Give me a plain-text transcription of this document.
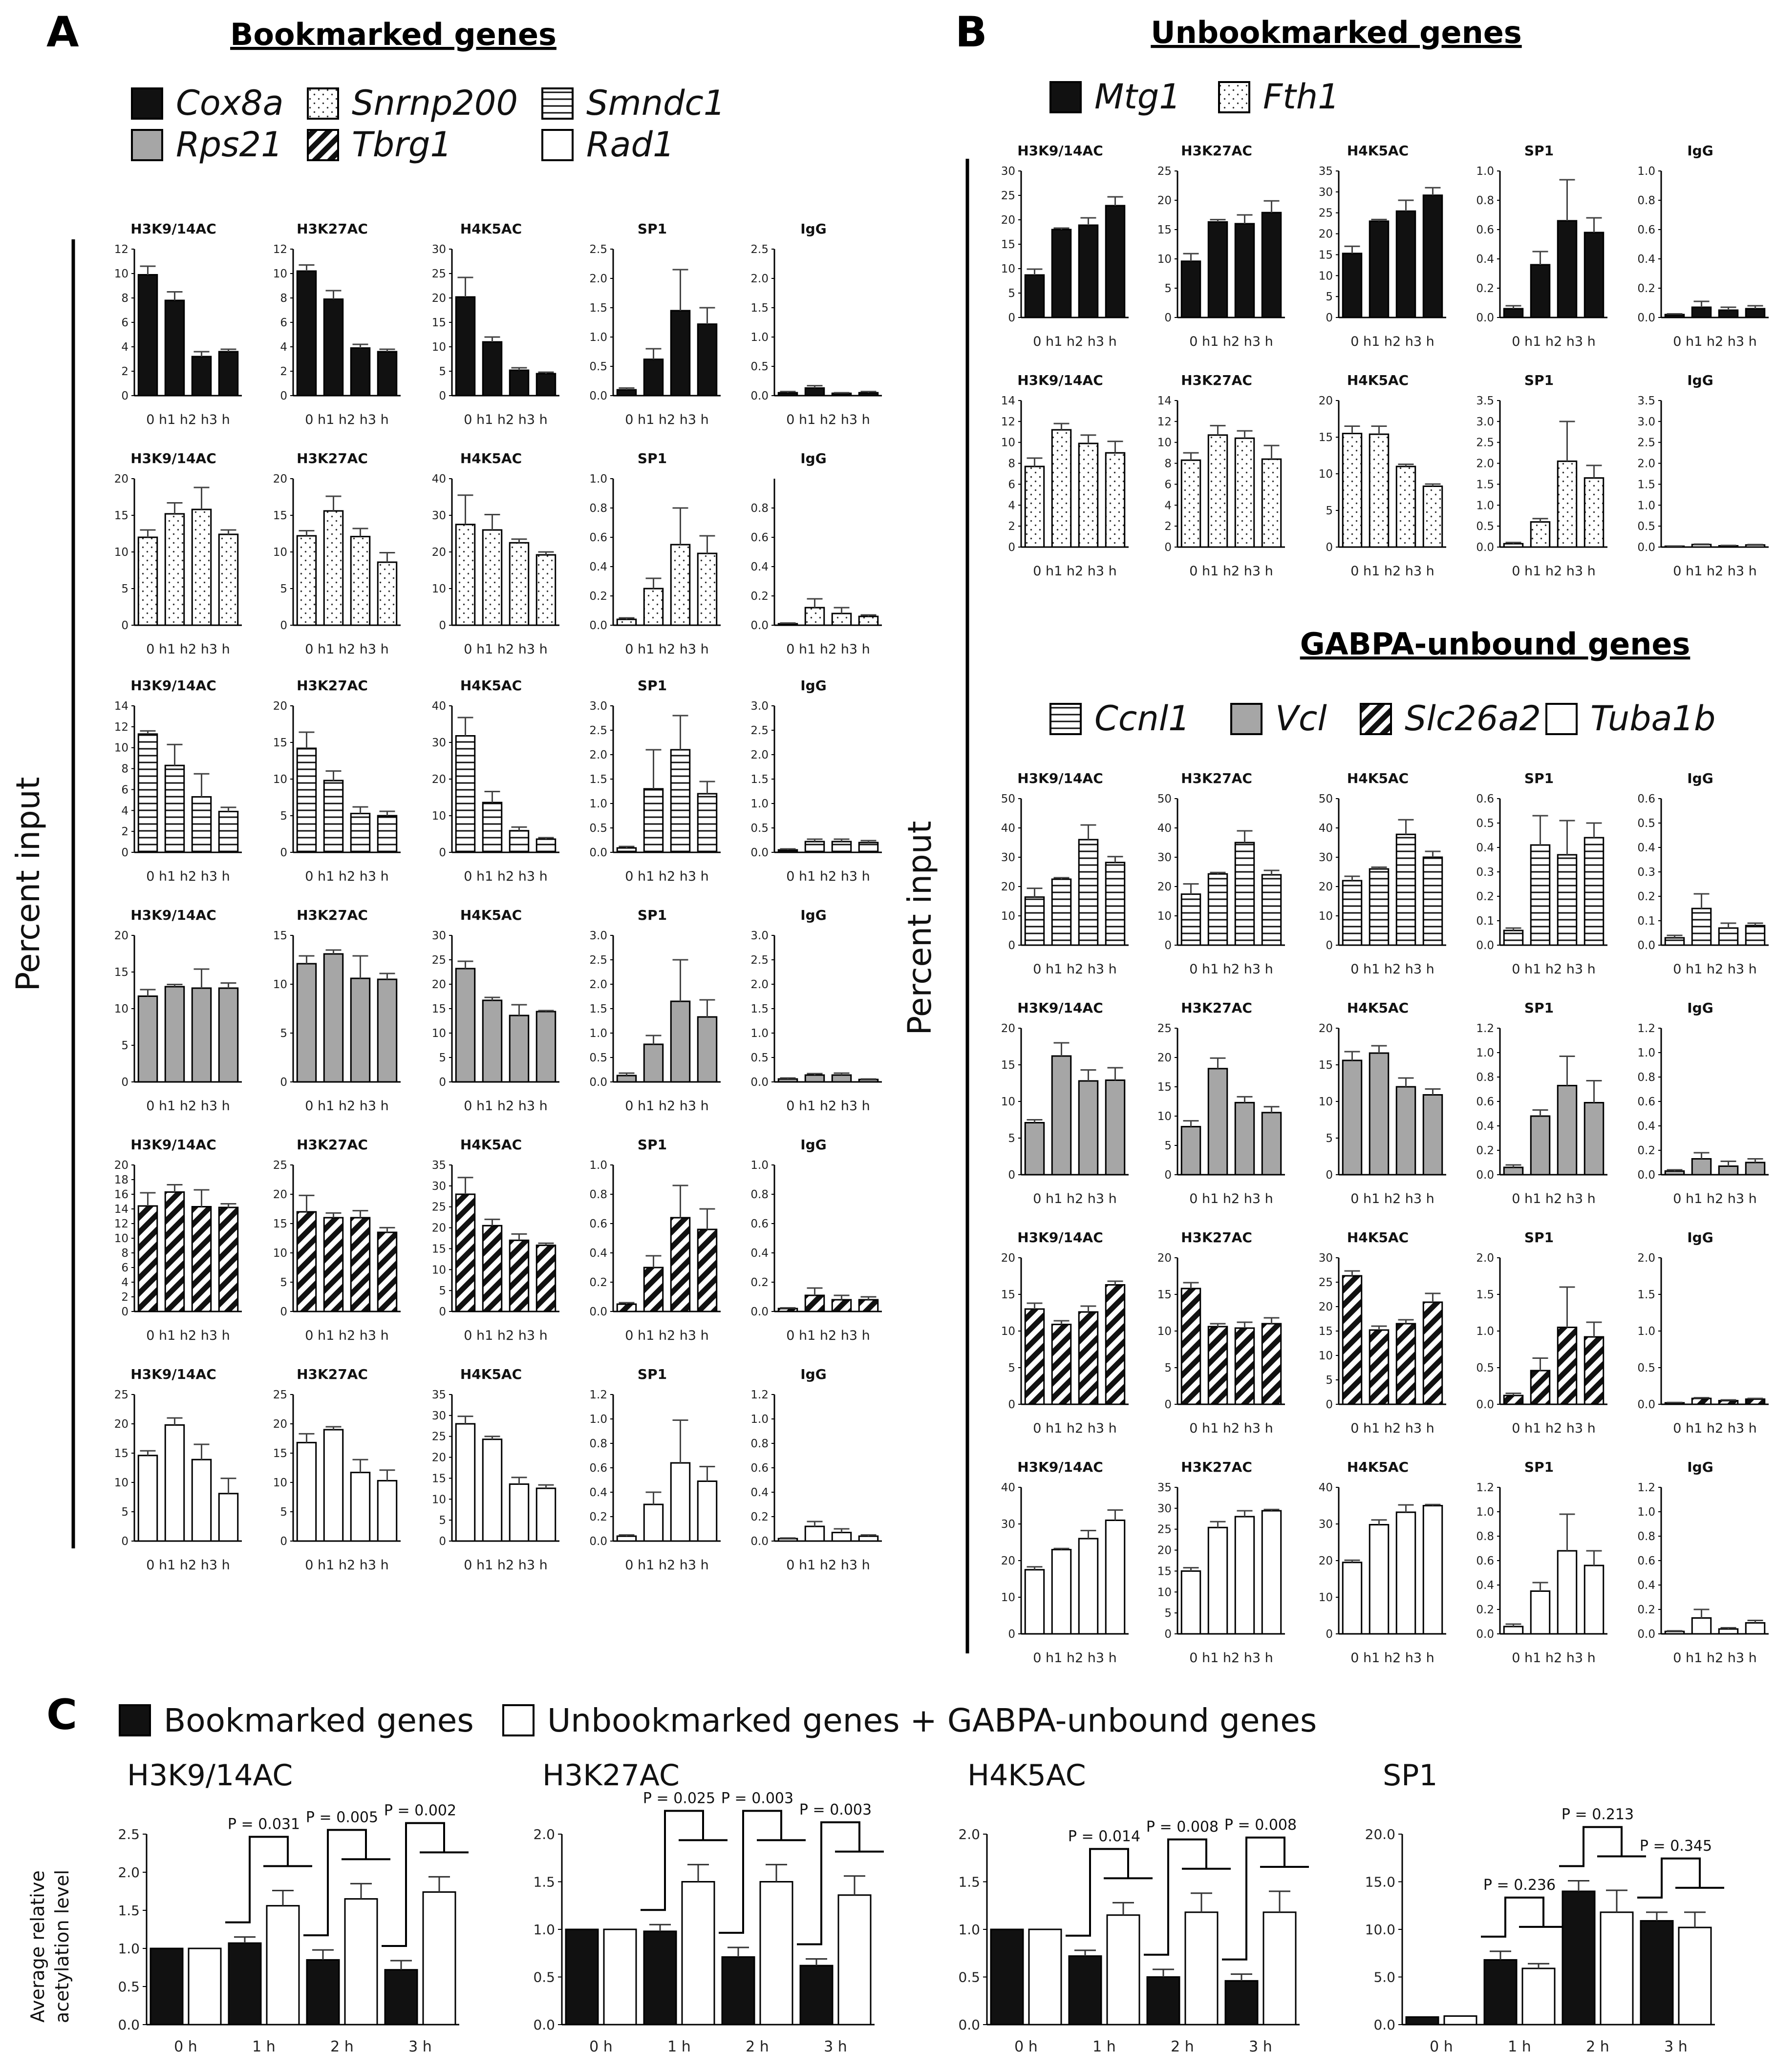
A	Bookmarked genes	B	Unbookmarked genes
GABPA-unbound genes
C
Percent input	Percent input
Average relative acetylation level
Cox8a Snrnp200 Smndc1
Rps21 Tbrg1	Rad1
Mtg1 Fth1
Ccnl1 Vcl Slc26a2 Tuba1b
Bookmarked genes Unbookmarked genes + GABPA-unbound genes
H3K9/14AC
0
2
4
6
8
10
12
0 h1 h2 h3 h
H3K27AC
0
2
4
6
8
10
12
0 h1 h2 h3 h
H4K5AC
0
5
10
15
20
25
30
0 h1 h2 h3 h
SP1
0.0
0.5
1.0
1.5
2.0
2.5
0 h1 h2 h3 h
IgG
0.0
0.5
1.0
1.5
2.0
2.5
0 h1 h2 h3 h
H3K9/14AC
0
5
10
15
20
0 h1 h2 h3 h
H3K27AC
0
5
10
15
20
0 h1 h2 h3 h
H4K5AC
0
10
20
30
40
0 h1 h2 h3 h
SP1
0.0
0.2
0.4
0.6
0.8
1.0
0 h1 h2 h3 h
IgG
0.0
0.2
0.4
0.6
0.8
0 h1 h2 h3 h
H3K9/14AC
0
2
4
6
8
10
12
14
0 h1 h2 h3 h
H3K27AC
0
5
10
15
20
0 h1 h2 h3 h
H4K5AC
0
10
20
30
40
0 h1 h2 h3 h
SP1
0.0
0.5
1.0
1.5
2.0
2.5
3.0
0 h1 h2 h3 h
IgG
0.0
0.5
1.0
1.5
2.0
2.5
3.0
0 h1 h2 h3 h
H3K9/14AC
0
5
10
15
20
0 h1 h2 h3 h
H3K27AC
0
5
10
15
0 h1 h2 h3 h
H4K5AC
0
5
10
15
20
25
30
0 h1 h2 h3 h
SP1
0.0
0.5
1.0
1.5
2.0
2.5
3.0
0 h1 h2 h3 h
IgG
0.0
0.5
1.0
1.5
2.0
2.5
3.0
0 h1 h2 h3 h
H3K9/14AC
0
2
4
6
8
10
12
14
16
18
20
0 h1 h2 h3 h
H3K27AC
0
5
10
15
20
25
0 h1 h2 h3 h
H4K5AC
0
5
10
15
20
25
30
35
0 h1 h2 h3 h
SP1
0.0
0.2
0.4
0.6
0.8
1.0
0 h1 h2 h3 h
IgG
0.0
0.2
0.4
0.6
0.8
1.0
0 h1 h2 h3 h
H3K9/14AC
0
5
10
15
20
25
0 h1 h2 h3 h
H3K27AC
0
5
10
15
20
25
0 h1 h2 h3 h
H4K5AC
0
5
10
15
20
25
30
35
0 h1 h2 h3 h
SP1
0.0
0.2
0.4
0.6
0.8
1.0
1.2
0 h1 h2 h3 h
IgG
0.0
0.2
0.4
0.6
0.8
1.0
1.2
0 h1 h2 h3 h
H3K9/14AC
0
5
10
15
20
25
30
0 h1 h2 h3 h
H3K27AC
0
5
10
15
20
25
0 h1 h2 h3 h
H4K5AC
0
5
10
15
20
25
30
35
0 h1 h2 h3 h
SP1
0.0
0.2
0.4
0.6
0.8
1.0
0 h1 h2 h3 h
IgG
0.0
0.2
0.4
0.6
0.8
1.0
0 h1 h2 h3 h
H3K9/14AC
0
2
4
6
8
10
12
14
0 h1 h2 h3 h
H3K27AC
0
2
4
6
8
10
12
14
0 h1 h2 h3 h
H4K5AC
0
5
10
15
20
0 h1 h2 h3 h
SP1
0.0
0.5
1.0
1.5
2.0
2.5
3.0
3.5
0 h1 h2 h3 h
IgG
0.0
0.5
1.0
1.5
2.0
2.5
3.0
3.5
0 h1 h2 h3 h
H3K9/14AC
0
10
20
30
40
50
0 h1 h2 h3 h
H3K27AC
0
10
20
30
40
50
0 h1 h2 h3 h
H4K5AC
0
10
20
30
40
50
0 h1 h2 h3 h
SP1
0.0
0.1
0.2
0.3
0.4
0.5
0.6
0 h1 h2 h3 h
IgG
0.0
0.1
0.2
0.3
0.4
0.5
0.6
0 h1 h2 h3 h
H3K9/14AC
0
5
10
15
20
0 h1 h2 h3 h
H3K27AC
0
5
10
15
20
25
0 h1 h2 h3 h
H4K5AC
0
5
10
15
20
0 h1 h2 h3 h
SP1
0.0
0.2
0.4
0.6
0.8
1.0
1.2
0 h1 h2 h3 h
IgG
0.0
0.2
0.4
0.6
0.8
1.0
1.2
0 h1 h2 h3 h
H3K9/14AC
0
5
10
15
20
0 h1 h2 h3 h
H3K27AC
0
5
10
15
20
0 h1 h2 h3 h
H4K5AC
0
5
10
15
20
25
30
0 h1 h2 h3 h
SP1
0.0
0.5
1.0
1.5
2.0
0 h1 h2 h3 h
IgG
0.0
0.5
1.0
1.5
2.0
0 h1 h2 h3 h
H3K9/14AC
0
10
20
30
40
0 h1 h2 h3 h
H3K27AC
0
5
10
15
20
25
30
35
0 h1 h2 h3 h
H4K5AC
0
10
20
30
40
0 h1 h2 h3 h
SP1
0.0
0.2
0.4
0.6
0.8
1.0
1.2
0 h1 h2 h3 h
IgG
0.0
0.2
0.4
0.6
0.8
1.0
1.2
0 h1 h2 h3 h
H3K9/14AC
0.0
0.5
1.0
1.5
2.0
2.5
0 h	1 h
P = 0.031
2 h
P = 0.005
3 h
P = 0.002
H3K27AC
0.0
0.5
1.0
1.5
2.0
0 h	1 h
P = 0.025
2 h
P = 0.003
3 h
P = 0.003
H4K5AC
0.0
0.5
1.0
1.5
2.0
0 h	1 h
P = 0.014
2 h
P = 0.008
3 h
P = 0.008
SP1
0.0
5.0
10.0
15.0
20.0
0 h	1 h
P = 0.236
2 h
P = 0.213
3 h
P = 0.345
